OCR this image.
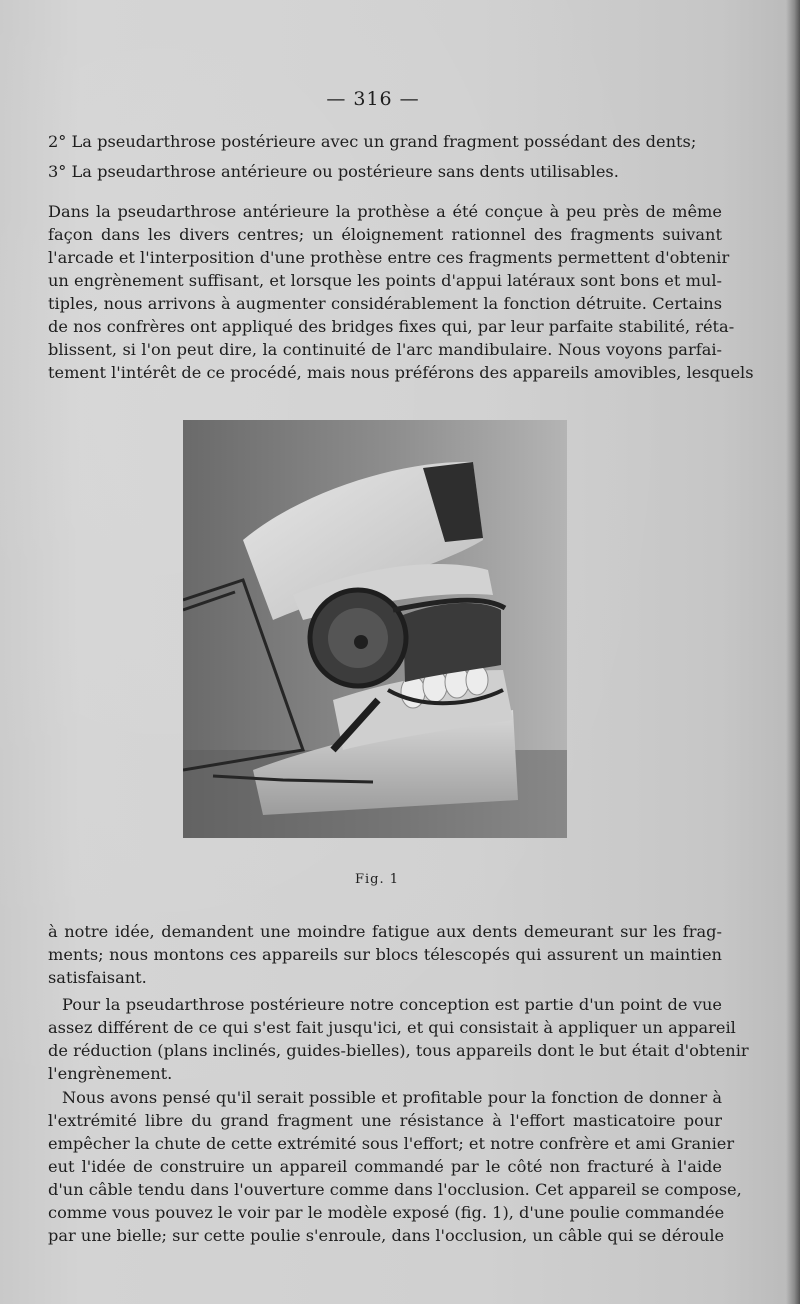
— 316 —
2° La pseudarthrose postérieure avec un grand fragment possédant des dents;
3° La pseudarthrose antérieure ou postérieure sans dents utilisables.
Dans la pseudarthrose antérieure la prothèse a été conçue à peu près de même
façon dans les divers centres; un éloignement rationnel des fragments suivant
l'arcade et l'interposition d'une prothèse entre ces fragments permettent d'obtenir
un engrènement suffisant, et lorsque les points d'appui latéraux sont bons et mul-
tiples, nous arrivons à augmenter considérablement la fonction détruite. Certains
de nos confrères ont appliqué des bridges fixes qui, par leur parfaite stabilité, réta-
blissent, si l'on peut dire, la continuité de l'arc mandibulaire. Nous voyons parfai-
tement l'intérêt de ce procédé, mais nous préférons des appareils amovibles, lesquels
Fig. 1
à notre idée, demandent une moindre fatigue aux dents demeurant sur les frag-
ments; nous montons ces appareils sur blocs télescopés qui assurent un maintien
satisfaisant.
Pour la pseudarthrose postérieure notre conception est partie d'un point de vue
assez différent de ce qui s'est fait jusqu'ici, et qui consistait à appliquer un appareil
de réduction (plans inclinés, guides-bielles), tous appareils dont le but était d'obtenir
l'engrènement.
Nous avons pensé qu'il serait possible et profitable pour la fonction de donner à
l'extrémité libre du grand fragment une résistance à l'effort masticatoire pour
empêcher la chute de cette extrémité sous l'effort; et notre confrère et ami Granier
eut l'idée de construire un appareil commandé par le côté non fracturé à l'aide
d'un câble tendu dans l'ouverture comme dans l'occlusion. Cet appareil se compose,
comme vous pouvez le voir par le modèle exposé (fig. 1), d'une poulie commandée
par une bielle; sur cette poulie s'enroule, dans l'occlusion, un câble qui se déroule
